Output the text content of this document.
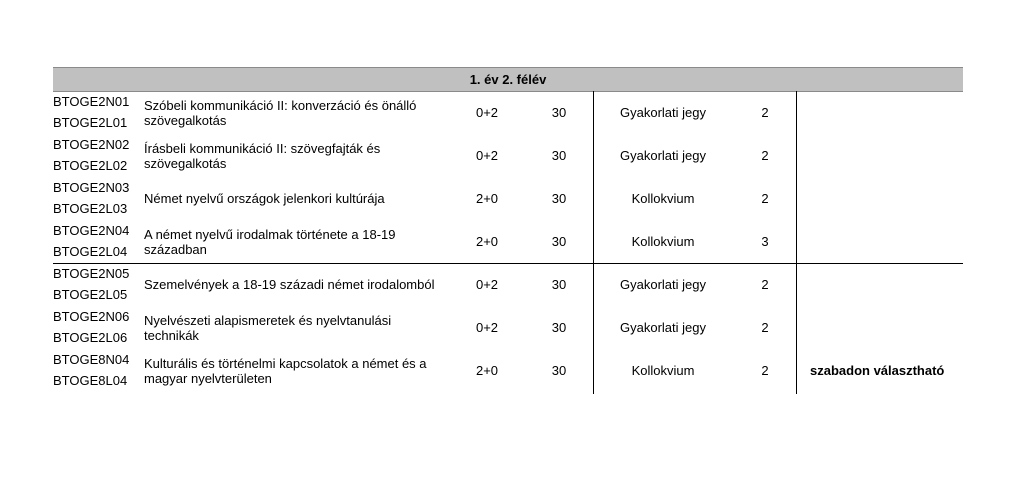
1. év 2. félév
BTOGE2N01
BTOGE2L01
Szóbeli kommunikáció II: konverzáció és önálló szövegalkotás	0+2	30	Gyakorlati jegy	2
BTOGE2N02
BTOGE2L02
Írásbeli kommunikáció II: szövegfajták és szövegalkotás	0+2	30	Gyakorlati jegy	2
BTOGE2N03
BTOGE2L03
Német nyelvű országok jelenkori kultúrája	2+0	30	Kollokvium	2
BTOGE2N04
BTOGE2L04
A német nyelvű irodalmak története a 18-19 században	2+0	30	Kollokvium	3
BTOGE2N05
BTOGE2L05
Szemelvények a 18-19 századi német irodalomból	0+2	30	Gyakorlati jegy	2
BTOGE2N06
BTOGE2L06
Nyelvészeti alapismeretek és nyelvtanulási technikák	0+2	30	Gyakorlati jegy	2
BTOGE8N04
BTOGE8L04
Kulturális és történelmi kapcsolatok a német és a magyar nyelvterületen	2+0	30	Kollokvium	2	szabadon választható
